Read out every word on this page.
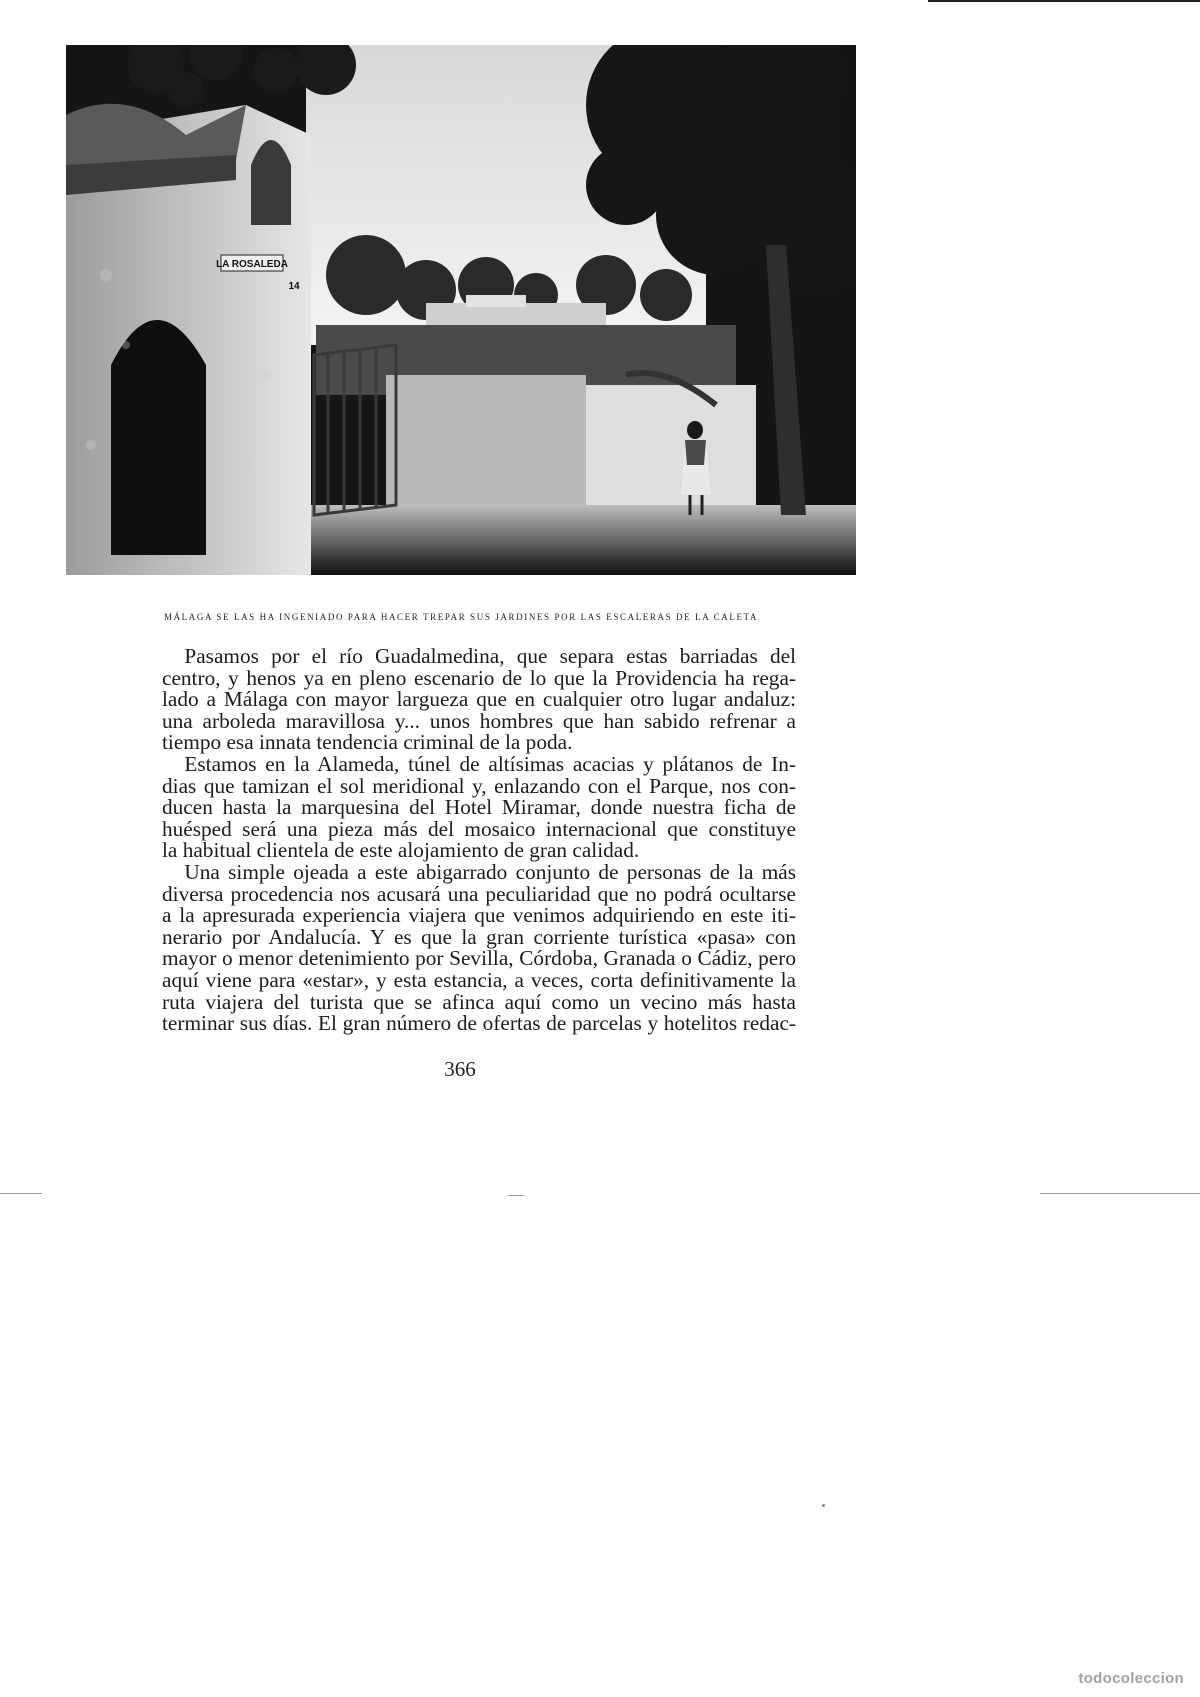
LA ROSALEDA
14
MÁLAGA SE LAS HA INGENIADO PARA HACER TREPAR SUS JARDINES POR LAS ESCALERAS DE LA CALETA
Pasamos por el río Guadalmedina, que separa estas barriadas del
centro, y henos ya en pleno escenario de lo que la Providencia ha rega-
lado a Málaga con mayor largueza que en cualquier otro lugar andaluz:
una arboleda maravillosa y... unos hombres que han sabido refrenar a
tiempo esa innata tendencia criminal de la poda.
Estamos en la Alameda, túnel de altísimas acacias y plátanos de In-
dias que tamizan el sol meridional y, enlazando con el Parque, nos con-
ducen hasta la marquesina del Hotel Miramar, donde nuestra ficha de
huésped será una pieza más del mosaico internacional que constituye
la habitual clientela de este alojamiento de gran calidad.
Una simple ojeada a este abigarrado conjunto de personas de la más
diversa procedencia nos acusará una peculiaridad que no podrá ocultarse
a la apresurada experiencia viajera que venimos adquiriendo en este iti-
nerario por Andalucía. Y es que la gran corriente turística «pasa» con
mayor o menor detenimiento por Sevilla, Córdoba, Granada o Cádiz, pero
aquí viene para «estar», y esta estancia, a veces, corta definitivamente la
ruta viajera del turista que se afinca aquí como un vecino más hasta
terminar sus días. El gran número de ofertas de parcelas y hotelitos redac-
366
todocoleccion
